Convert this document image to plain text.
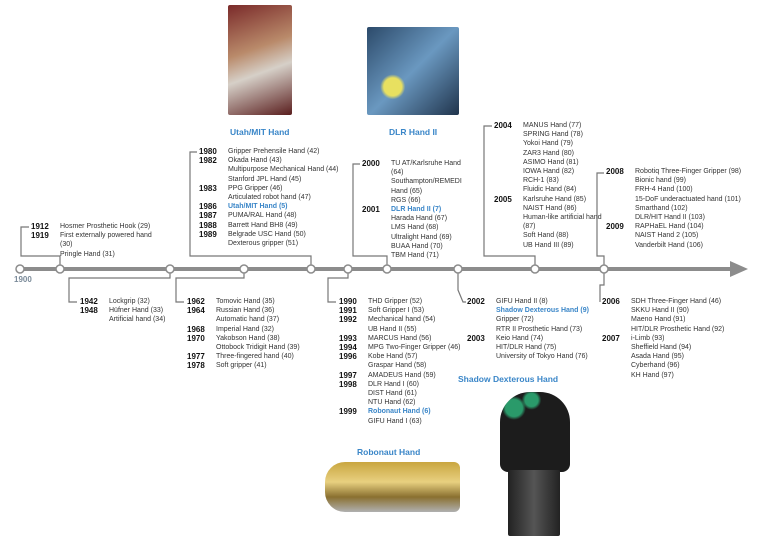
1900
Utah/MIT Hand	DLR Hand II
Robonaut Hand
Shadow Dexterous Hand
1912	Hosmer Prosthetic Hook (29)
1919	First externally powered hand (30)
Pringle Hand (31)
1980	Gripper Prehensile Hand (42)
1982	Okada Hand (43)
Multipurpose Mechanical Hand (44)
Stanford JPL Hand (45)
1983	PPG Gripper (46)
Articulated robot hand (47)
1986	Utah/MIT Hand (5)
1987	PUMA/RAL Hand (48)
1988	Barrett Hand BH8 (49)
1989	Belgrade USC Hand (50)
Dexterous gripper (51)
2000	TU AT/Karlsruhe Hand (64)
Southampton/REMEDI Hand (65)
RGS (66)
2001	DLR Hand II (7)
Harada Hand (67)
LMS Hand (68)
Ultralight Hand (69)
BUAA Hand (70)
TBM Hand (71)
2004	MANUS Hand (77)
SPRING Hand (78)
Yokoi Hand (79)
ZAR3 Hand (80)
ASIMO Hand (81)
IOWA Hand (82)
RCH-1 (83)
Fluidic Hand (84)
2005	Karlsruhe Hand (85)
NAIST Hand (86)
Human-like artificial hand (87)
Soft Hand (88)
UB Hand III (89)
2008	Robotiq Three-Finger Gripper (98)
Bionic hand (99)
FRH-4 Hand (100)
15-DoF underactuated hand (101)
Smarthand (102)
DLR/HIT Hand II (103)
2009	RAPHaEL Hand (104)
NAIST Hand 2 (105)
Vanderbilt Hand (106)
1942	Lockgrip (32)
1948	Hüfner Hand (33)
Artificial hand (34)
1962	Tomovic Hand (35)
1964	Russian Hand (36)
Automatic hand (37)
1968	Imperial Hand (32)
1970	Yakobson Hand (38)
Ottobock Tridigit Hand (39)
1977	Three-fingered hand (40)
1978	Soft gripper (41)
1990	THD Gripper (52)
1991	Soft Gripper I (53)
1992	Mechanical hand (54)
UB Hand II (55)
1993	MARCUS Hand (56)
1994	MPG Two-Finger Gripper (46)
1996	Kobe Hand (57)
Graspar Hand (58)
1997	AMADEUS Hand (59)
1998	DLR Hand I (60)
DIST Hand (61)
NTU Hand (62)
1999	Robonaut Hand (6)
GIFU Hand I (63)
2002	GIFU Hand II (8)
Shadow Dexterous Hand (9)
Gripper (72)
RTR II Prosthetic Hand (73)
2003	Keio Hand (74)
HIT/DLR Hand (75)
University of Tokyo Hand (76)
2006	SDH Three-Finger Hand (46)
SKKU Hand II (90)
Maeno Hand (91)
HIT/DLR Prosthetic Hand (92)
2007	i-Limb (93)
Sheffield Hand (94)
Asada Hand (95)
Cyberhand (96)
KH Hand (97)
